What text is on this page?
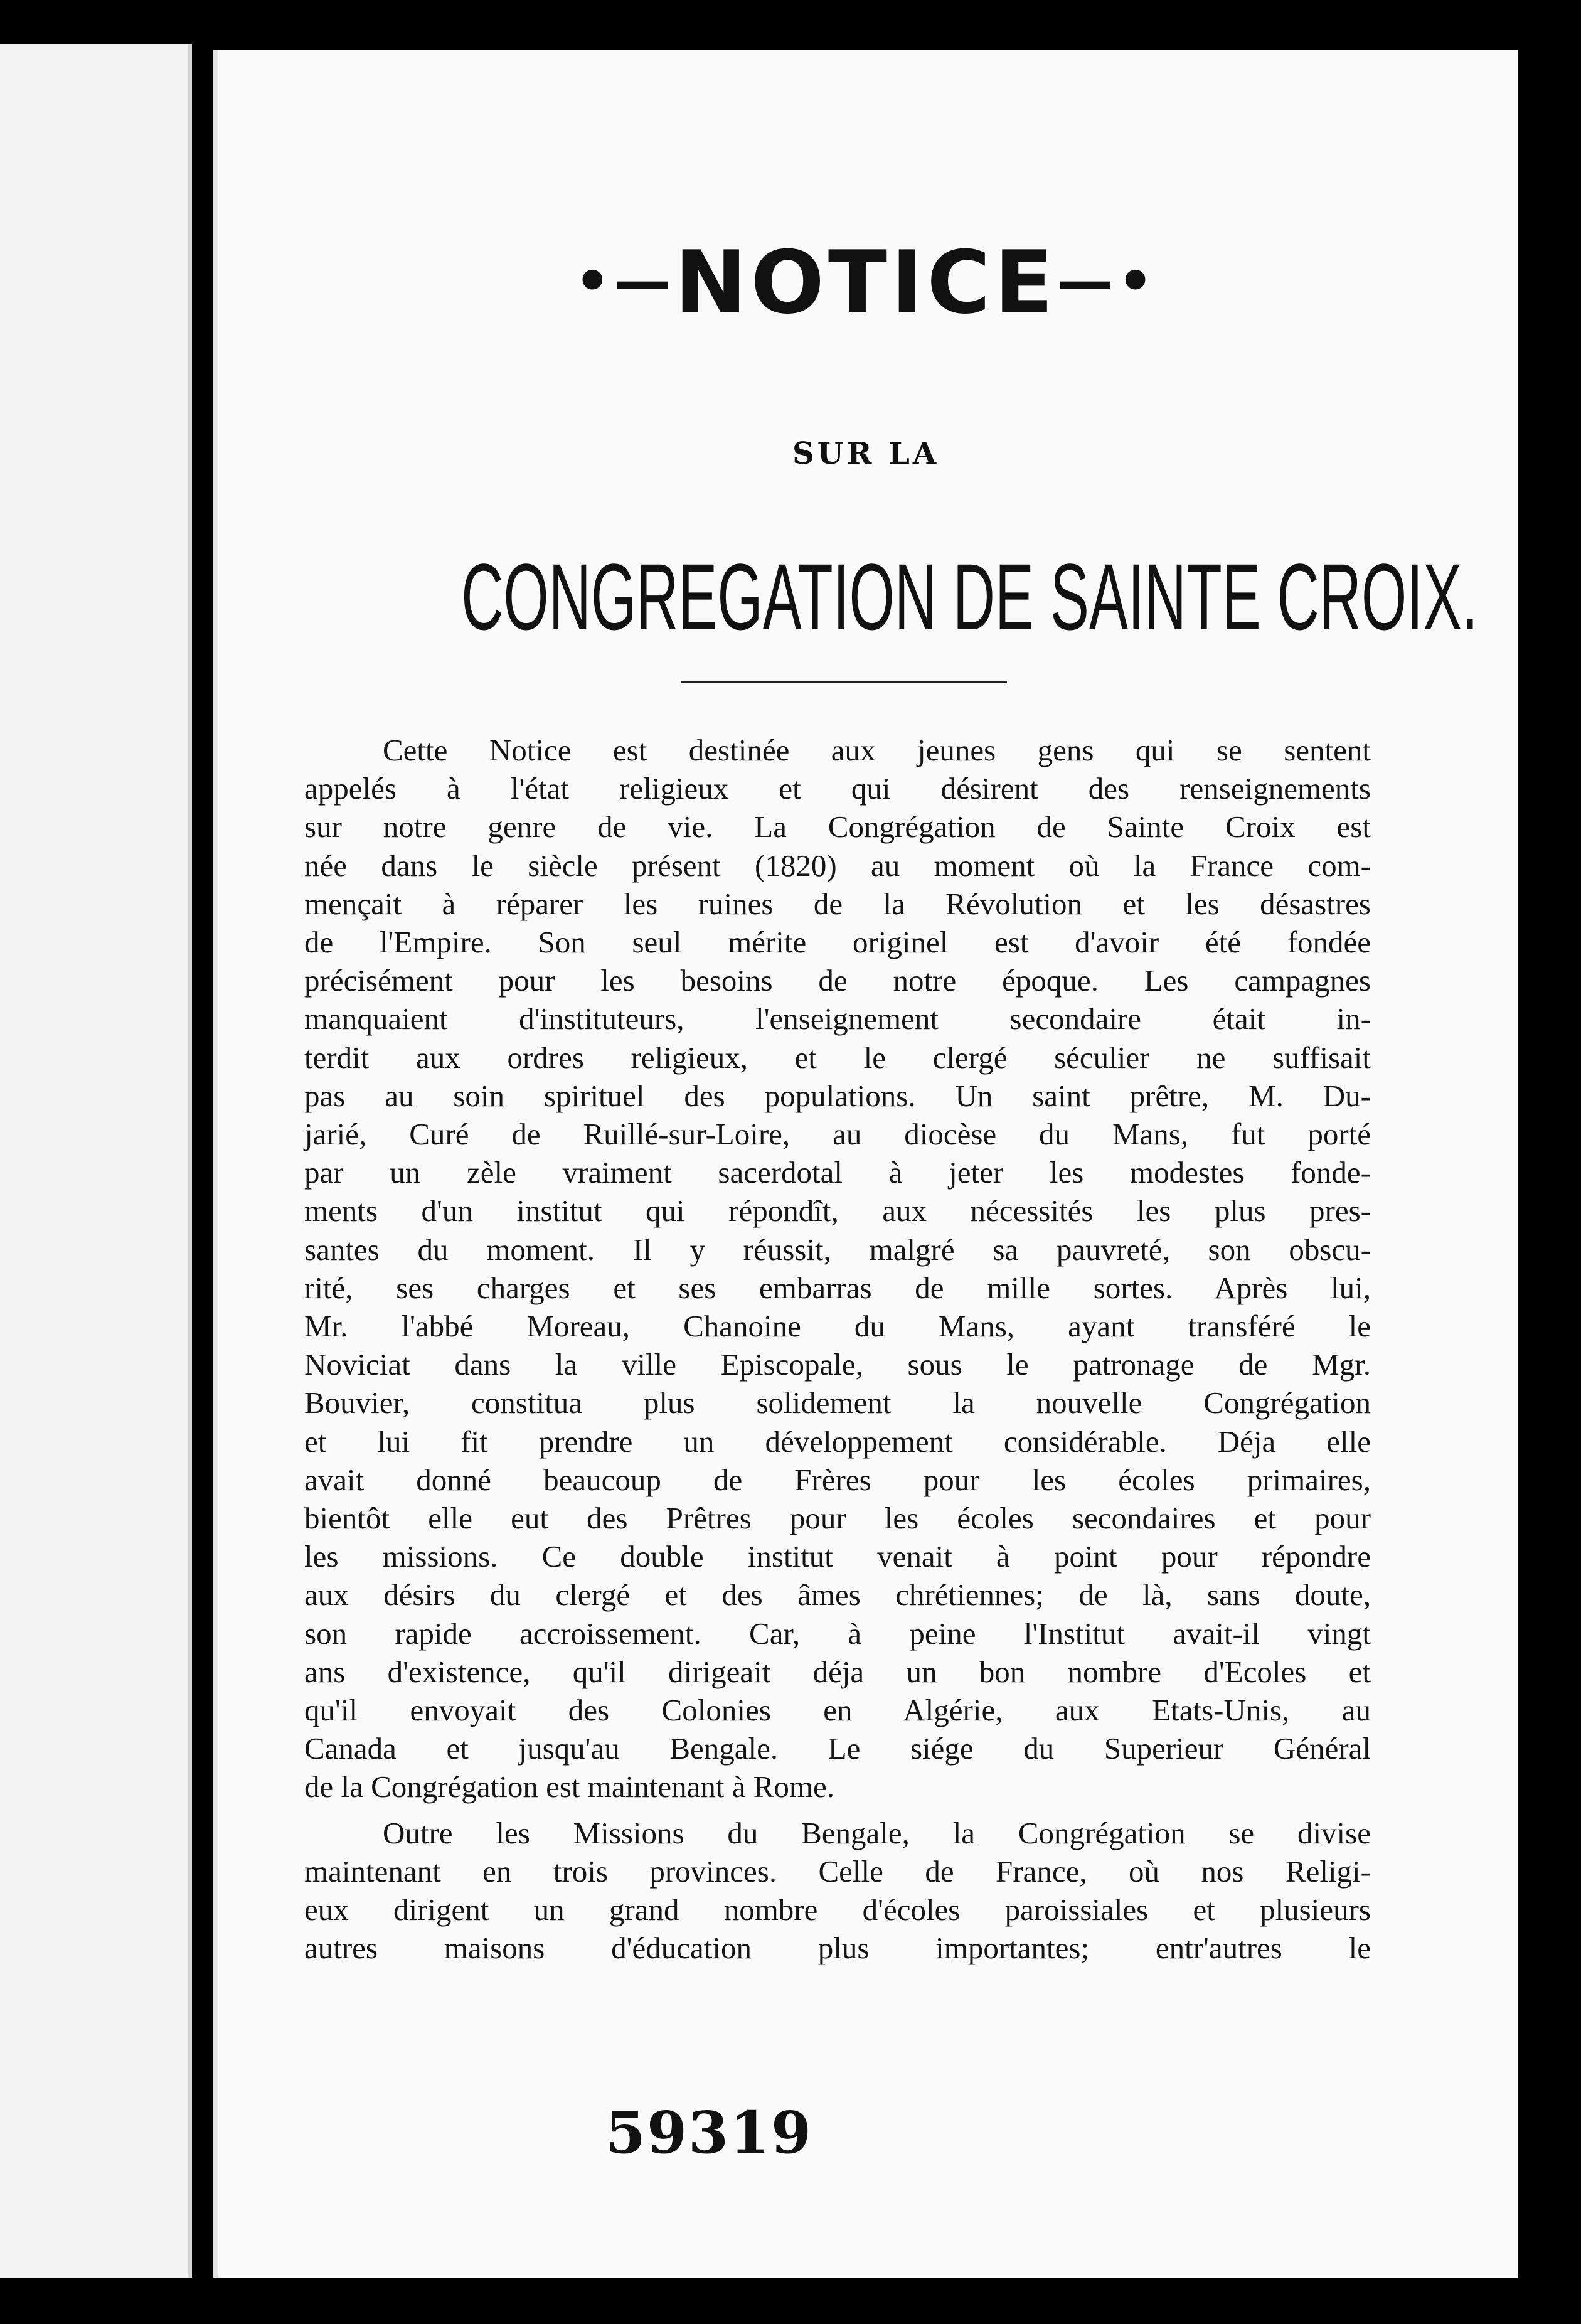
•—NOTICE—•
SUR LA
CONGREGATION DE SAINTE CROIX.
Cette Notice est destinée aux jeunes gens qui se sentent
appelés à l'état religieux et qui désirent des renseignements
sur notre genre de vie. La Congrégation de Sainte Croix est
née dans le siècle présent (1820) au moment où la France com-
mençait à réparer les ruines de la Révolution et les désastres
de l'Empire. Son seul mérite originel est d'avoir été fondée
précisément pour les besoins de notre époque. Les campagnes
manquaient d'instituteurs, l'enseignement secondaire était in-
terdit aux ordres religieux, et le clergé séculier ne suffisait
pas au soin spirituel des populations. Un saint prêtre, M. Du-
jarié, Curé de Ruillé-sur-Loire, au diocèse du Mans, fut porté
par un zèle vraiment sacerdotal à jeter les modestes fonde-
ments d'un institut qui répondît, aux nécessités les plus pres-
santes du moment. Il y réussit, malgré sa pauvreté, son obscu-
rité, ses charges et ses embarras de mille sortes. Après lui,
Mr. l'abbé Moreau, Chanoine du Mans, ayant transféré le
Noviciat dans la ville Episcopale, sous le patronage de Mgr.
Bouvier, constitua plus solidement la nouvelle Congrégation
et lui fit prendre un développement considérable. Déja elle
avait donné beaucoup de Frères pour les écoles primaires,
bientôt elle eut des Prêtres pour les écoles secondaires et pour
les missions. Ce double institut venait à point pour répondre
aux désirs du clergé et des âmes chrétiennes; de là, sans doute,
son rapide accroissement. Car, à peine l'Institut avait-il vingt
ans d'existence, qu'il dirigeait déja un bon nombre d'Ecoles et
qu'il envoyait des Colonies en Algérie, aux Etats-Unis, au
Canada et jusqu'au Bengale. Le siége du Superieur Général
de la Congrégation est maintenant à Rome.
Outre les Missions du Bengale, la Congrégation se divise
maintenant en trois provinces. Celle de France, où nos Religi-
eux dirigent un grand nombre d'écoles paroissiales et plusieurs
autres maisons d'éducation plus importantes; entr'autres le
59319
